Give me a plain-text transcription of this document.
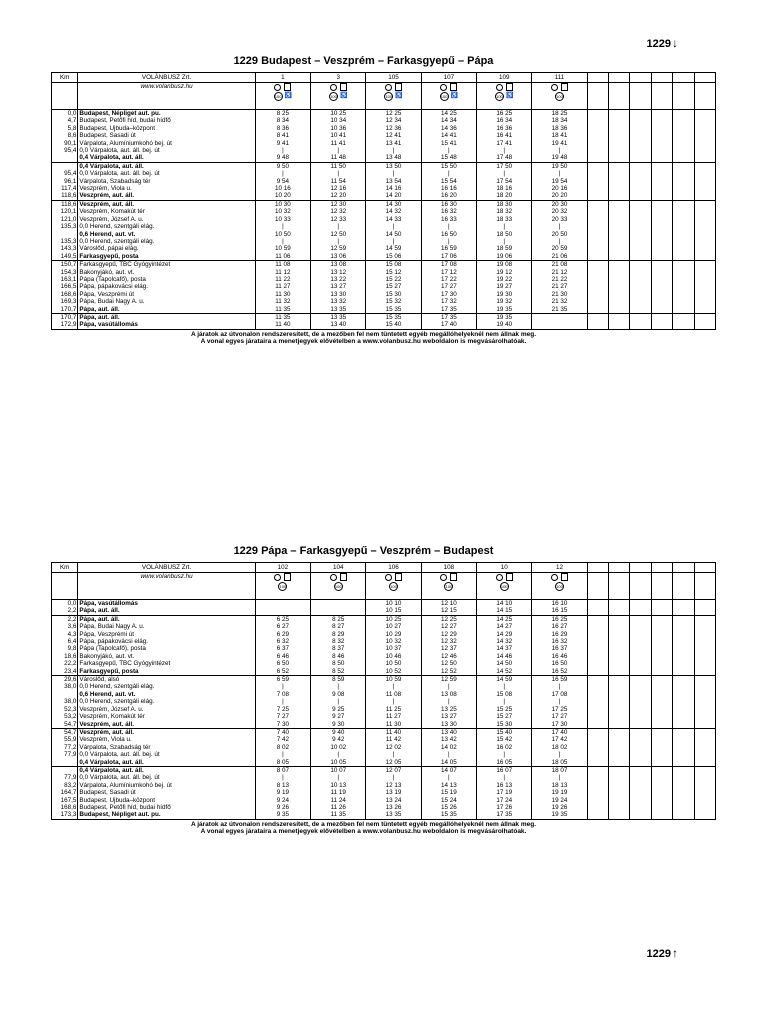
1229↓
1229 Budapest – Veszprém – Farkasgyepű – Pápa
Km	VOLÁNBUSZ Zrt.	1	3	105	107	109	111						
	www.volanbusz.hu	100 ♿	100 ♿	100 ♿	100 ♿	100 ♿	100						

0,0	Budapest, Népliget aut. pu.	8 25	10 25	12 25	14 25	16 25	18 25						
4,7	Budapest, Petőfi híd, budai hídfő	8 34	10 34	12 34	14 34	16 34	18 34						
5,8	Budapest, Újbuda–központ	8 36	10 36	12 36	14 36	16 36	18 36						
8,6	Budapest, Sasadi út	8 41	10 41	12 41	14 41	16 41	18 41						
90,1	Várpalota, Alumíniumkohó bej. út	9 41	11 41	13 41	15 41	17 41	19 41						
95,4	0,0 Várpalota, aut. áll. bej. út	|	|	|	|	|	|						
	0,4 Várpalota, aut. áll.	9 48	11 48	13 48	15 48	17 48	19 48						
	0,4 Várpalota, aut. áll.	9 50	11 50	13 50	15 50	17 50	19 50						
95,4	0,0 Várpalota, aut. áll. bej. út	|	|	|	|	|	|						
96,1	Várpalota, Szabadság tér	9 54	11 54	13 54	15 54	17 54	19 54						
117,4	Veszprém, Viola u.	10 16	12 16	14 16	16 16	18 16	20 16						
118,6	Veszprém, aut. áll.	10 20	12 20	14 20	16 20	18 20	20 20						
118,6	Veszprém, aut. áll.	10 30	12 30	14 30	16 30	18 30	20 30						
120,1	Veszprém, Komakút tér	10 32	12 32	14 32	16 32	18 32	20 32						
121,0	Veszprém, József A. u.	10 33	12 33	14 33	16 33	18 33	20 33						
135,3	0,0 Herend, szentgáli elág.	|	|	|	|	|	|						
	0,6 Herend, aut. vt.	10 50	12 50	14 50	16 50	18 50	20 50						
135,3	0,0 Herend, szentgáli elág.	|	|	|	|	|	|						
143,3	Városlőd, pápai elág.	10 59	12 59	14 59	16 59	18 59	20 59						
149,5	Farkasgyepű, posta	11 06	13 06	15 06	17 06	19 06	21 06						
150,7	Farkasgyepű, TBC Gyógyintézet	11 08	13 08	15 08	17 08	19 08	21 08						
154,3	Bakonyjákó, aut. vt.	11 12	13 12	15 12	17 12	19 12	21 12						
163,1	Pápa (Tapolcafő), posta	11 22	13 22	15 22	17 22	19 22	21 22						
166,5	Pápa, pápakovácsi elág.	11 27	13 27	15 27	17 27	19 27	21 27						
168,6	Pápa, Veszprémi út	11 30	13 30	15 30	17 30	19 30	21 30						
169,3	Pápa, Budai Nagy A. u.	11 32	13 32	15 32	17 32	19 32	21 32						
170,7	Pápa, aut. áll.	11 35	13 35	15 35	17 35	19 35	21 35						
170,7	Pápa, aut. áll.	11 35	13 35	15 35	17 35	19 35							
172,9	Pápa, vasútállomás	11 40	13 40	15 40	17 40	19 40							
A járatok az útvonalon rendszeresített, de a mezőben fel nem tüntetett egyéb megállóhelyeknél nem állnak meg.
A vonal egyes járataira a menetjegyek elővételben a www.volanbusz.hu weboldalon is megvásárolhatóak.
1229 Pápa – Farkasgyepű – Veszprém – Budapest
Km	VOLÁNBUSZ Zrt.	102	104	106	108	10	12						
	www.volanbusz.hu	100	100	100	100	100	100						

0,0	Pápa, vasútállomás			10 10	12 10	14 10	16 10						
2,2	Pápa, aut. áll.			10 15	12 15	14 15	16 15						
2,2	Pápa, aut. áll.	6 25	8 25	10 25	12 25	14 25	16 25						
3,6	Pápa, Budai Nagy A. u.	6 27	8 27	10 27	12 27	14 27	16 27						
4,3	Pápa, Veszprémi út	6 29	8 29	10 29	12 29	14 29	16 29						
6,4	Pápa, pápakovácsi elág.	6 32	8 32	10 32	12 32	14 32	16 32						
9,8	Pápa (Tapolcafő), posta	6 37	8 37	10 37	12 37	14 37	16 37						
18,6	Bakonyjákó, aut. vt.	6 46	8 46	10 46	12 46	14 46	16 46						
22,2	Farkasgyepű, TBC Gyógyintézet	6 50	8 50	10 50	12 50	14 50	16 50						
23,4	Farkasgyepű, posta	6 52	8 52	10 52	12 52	14 52	16 52						
29,6	Városlőd, alsó	6 59	8 59	10 59	12 59	14 59	16 59						
38,0	0,0 Herend, szentgáli elág.	|	|	|	|	|	|						
	0,6 Herend, aut. vt.	7 08	9 08	11 08	13 08	15 08	17 08						
38,0	0,0 Herend, szentgáli elág.	|	|	|	|	|	|						
52,3	Veszprém, József A. u.	7 25	9 25	11 25	13 25	15 25	17 25						
53,2	Veszprém, Komakút tér	7 27	9 27	11 27	13 27	15 27	17 27						
54,7	Veszprém, aut. áll.	7 30	9 30	11 30	13 30	15 30	17 30						
54,7	Veszprém, aut. áll.	7 40	9 40	11 40	13 40	15 40	17 40						
55,9	Veszprém, Viola u.	7 42	9 42	11 42	13 42	15 42	17 42						
77,2	Várpalota, Szabadság tér	8 02	10 02	12 02	14 02	16 02	18 02						
77,9	0,0 Várpalota, aut. áll. bej. út	|	|	|	|	|	|						
	0,4 Várpalota, aut. áll.	8 05	10 05	12 05	14 05	16 05	18 05						
	0,4 Várpalota, aut. áll.	8 07	10 07	12 07	14 07	16 07	18 07						
77,9	0,0 Várpalota, aut. áll. bej. út	|	|	|	|	|	|						
83,2	Várpalota, Alumíniumkohó bej. út	8 13	10 13	12 13	14 13	16 13	18 13						
164,7	Budapest, Sasadi út	9 19	11 19	13 19	15 19	17 19	19 19						
167,5	Budapest, Újbuda–központ	9 24	11 24	13 24	15 24	17 24	19 24						
168,6	Budapest, Petőfi híd, budai hídfő	9 26	11 26	13 26	15 26	17 26	19 26						
173,3	Budapest, Népliget aut. pu.	9 35	11 35	13 35	15 35	17 35	19 35						
A járatok az útvonalon rendszeresített, de a mezőben fel nem tüntetett egyéb megállóhelyeknél nem állnak meg.
A vonal egyes járataira a menetjegyek elővételben a www.volanbusz.hu weboldalon is megvásárolhatóak.
1229↑
